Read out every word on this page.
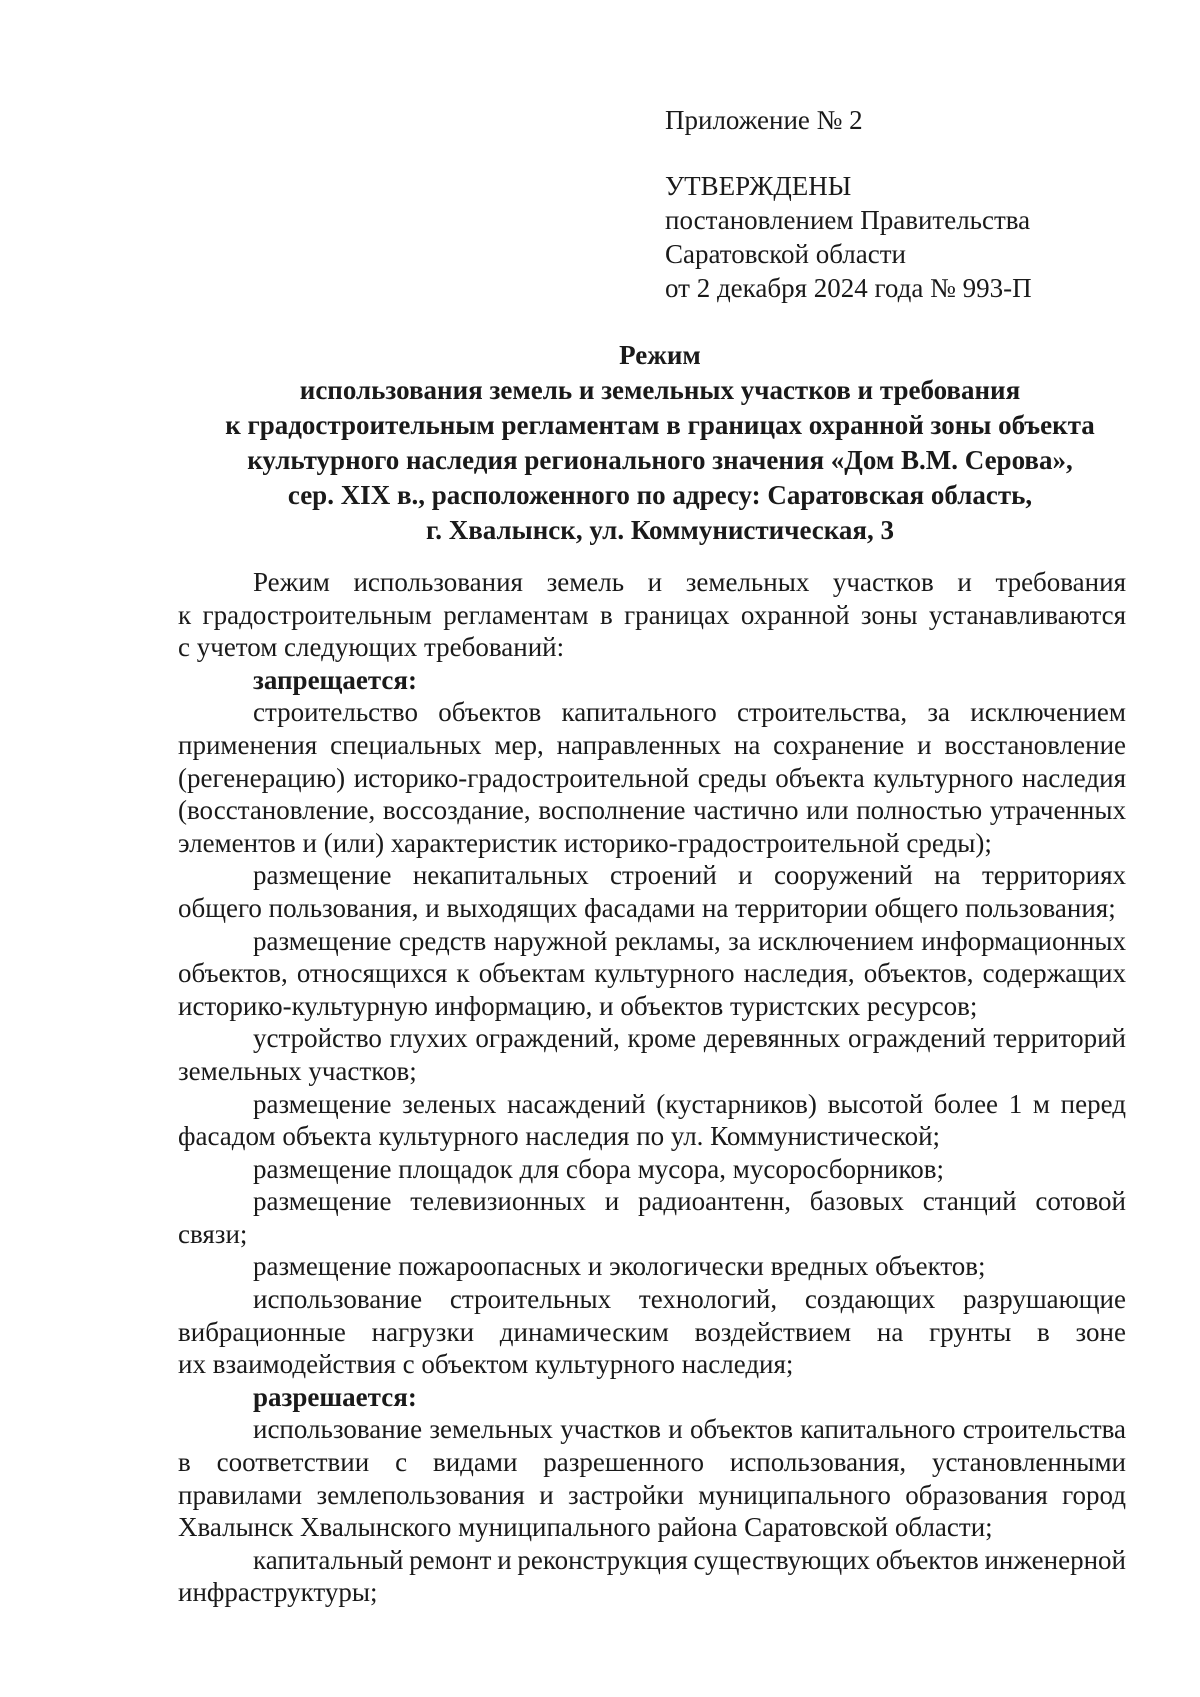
Приложение № 2
УТВЕРЖДЕНЫ
постановлением Правительства
Саратовской области
от 2 декабря 2024 года № 993-П
Режим
использования земель и земельных участков и требования
к градостроительным регламентам в границах охранной зоны объекта
культурного наследия регионального значения «Дом В.М. Серова»,
сер. XIX в., расположенного по адресу: Саратовская область,
г. Хвалынск, ул. Коммунистическая, 3
Режим использования земель и земельных участков и требования
к градостроительным регламентам в границах охранной зоны устанавливаются
с учетом следующих требований:
запрещается:
строительство объектов капитального строительства, за исключением
применения специальных мер, направленных на сохранение и восстановление
(регенерацию) историко-градостроительной среды объекта культурного наследия
(восстановление, воссоздание, восполнение частично или полностью утраченных
элементов и (или) характеристик историко-градостроительной среды);
размещение некапитальных строений и сооружений на территориях
общего пользования, и выходящих фасадами на территории общего пользования;
размещение средств наружной рекламы, за исключением информационных
объектов, относящихся к объектам культурного наследия, объектов, содержащих
историко-культурную информацию, и объектов туристских ресурсов;
устройство глухих ограждений, кроме деревянных ограждений территорий
земельных участков;
размещение зеленых насаждений (кустарников) высотой более 1 м перед
фасадом объекта культурного наследия по ул. Коммунистической;
размещение площадок для сбора мусора, мусоросборников;
размещение телевизионных и радиоантенн, базовых станций сотовой
связи;
размещение пожароопасных и экологически вредных объектов;
использование строительных технологий, создающих разрушающие
вибрационные нагрузки динамическим воздействием на грунты в зоне
их взаимодействия с объектом культурного наследия;
разрешается:
использование земельных участков и объектов капитального строительства
в соответствии с видами разрешенного использования, установленными
правилами землепользования и застройки муниципального образования город
Хвалынск Хвалынского муниципального района Саратовской области;
капитальный ремонт и реконструкция существующих объектов инженерной
инфраструктуры;
